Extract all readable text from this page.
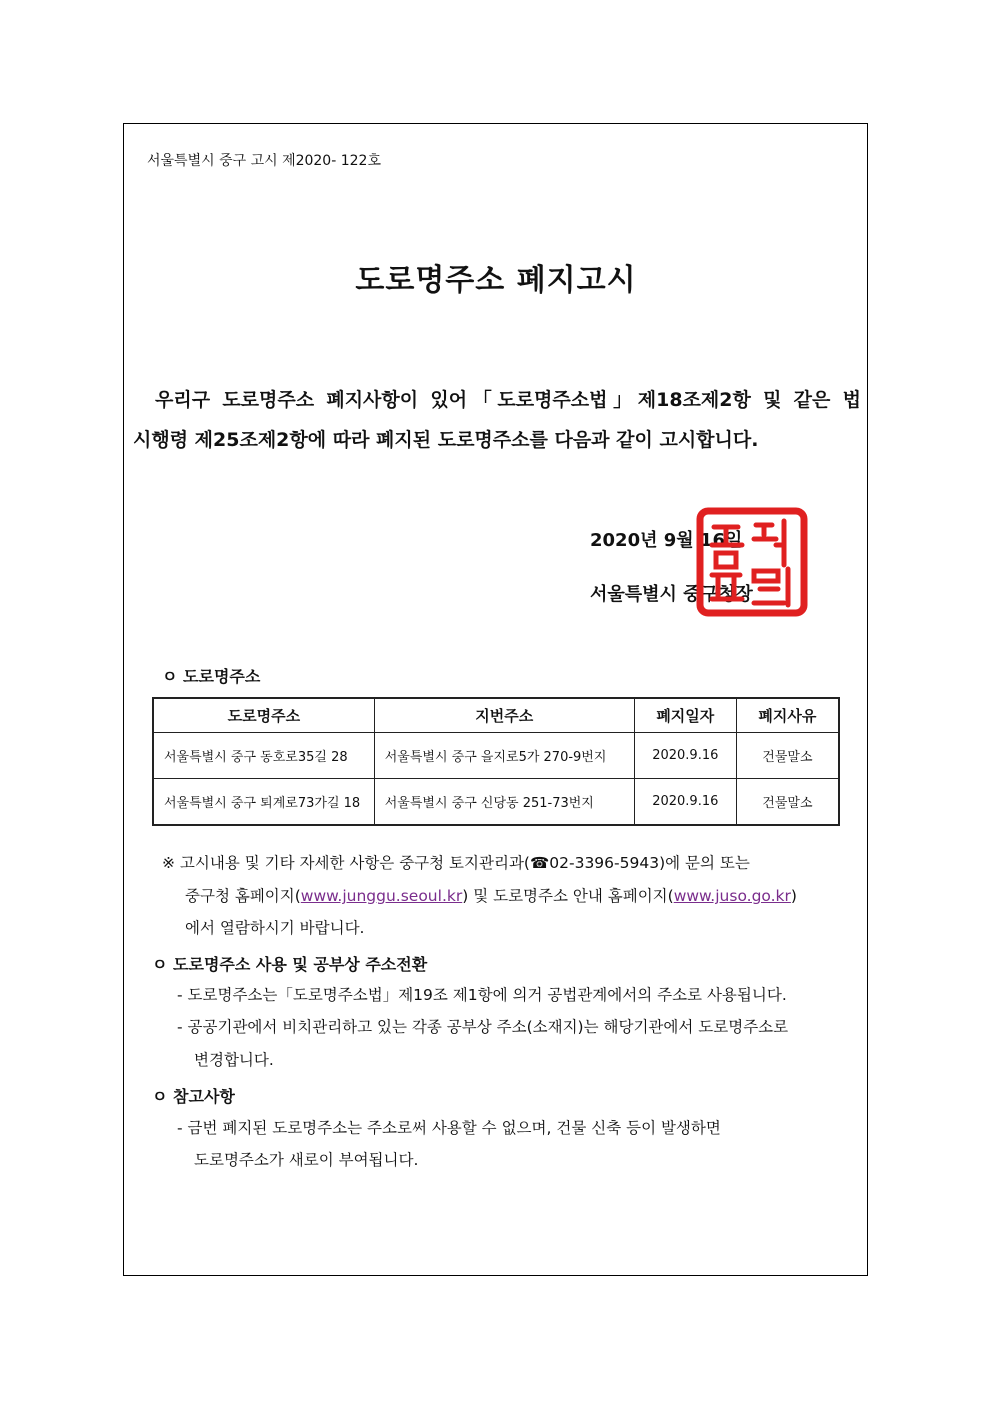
서울특별시 중구 고시 제2020- 122호
도로명주소 폐지고시
우리구 도로명주소 폐지사항이 있어「도로명주소법」제18조제2항 및 같은 법
시행령 제25조제2항에 따라 폐지된 도로명주소를 다음과 같이 고시합니다.
2020년 9월 16일
서울특별시 중구청장
ㅇ 도로명주소
도로명주소	지번주소	폐지일자	폐지사유
서울특별시 중구 동호로35길 28	서울특별시 중구 을지로5가 270-9번지	2020.9.16	건물말소
서울특별시 중구 퇴계로73가길 18	서울특별시 중구 신당동 251-73번지	2020.9.16	건물말소
※ 고시내용 및 기타 자세한 사항은 중구청 토지관리과(☎02-3396-5943)에 문의 또는
중구청 홈페이지(www.junggu.seoul.kr) 및 도로명주소 안내 홈페이지(www.juso.go.kr)
에서 열람하시기 바랍니다.
ㅇ 도로명주소 사용 및 공부상 주소전환
- 도로명주소는「도로명주소법」제19조 제1항에 의거 공법관계에서의 주소로 사용됩니다.
- 공공기관에서 비치관리하고 있는 각종 공부상 주소(소재지)는 해당기관에서 도로명주소로
변경합니다.
ㅇ 참고사항
- 금번 폐지된 도로명주소는 주소로써 사용할 수 없으며, 건물 신축 등이 발생하면
도로명주소가 새로이 부여됩니다.
